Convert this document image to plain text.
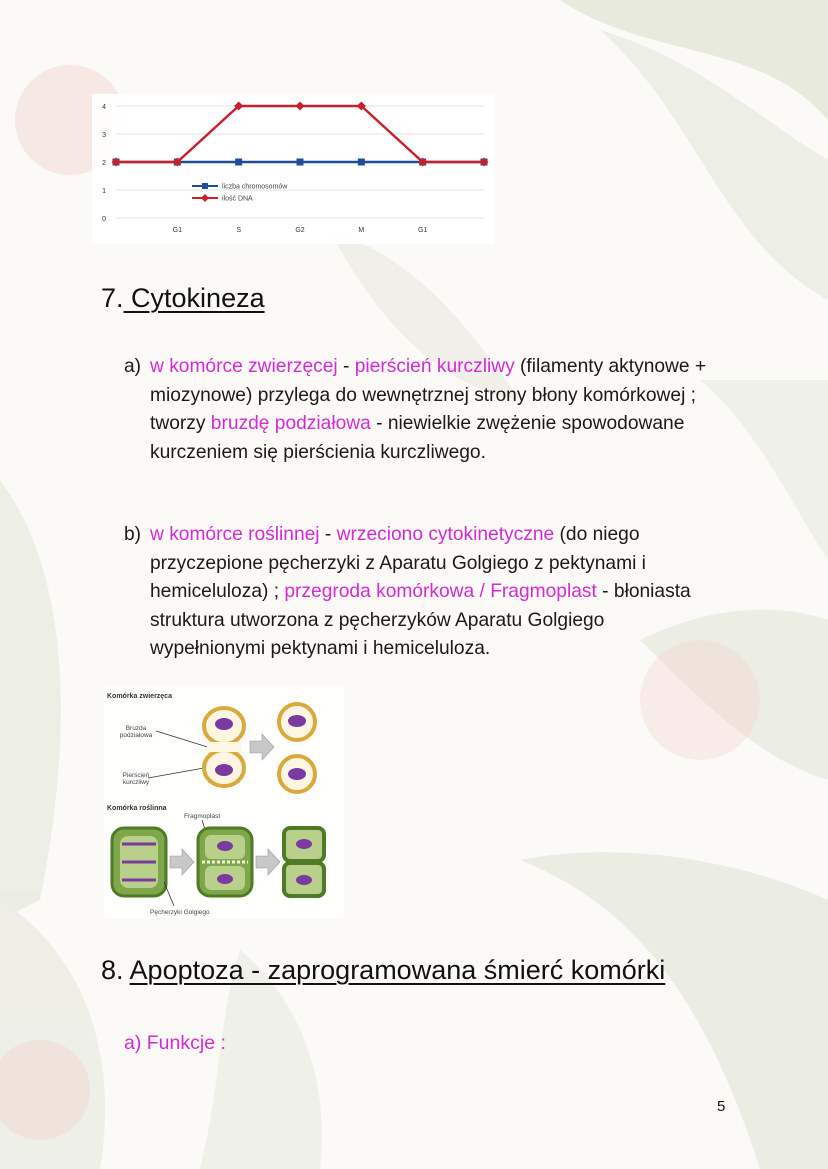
0
1
2
3
4
G1	S	G2	M	G1
liczba chromosomów
ilość DNA
7. Cytokineza
a) w komórce zwierzęcej - pierścień kurczliwy (filamenty aktynowe + miozynowe) przylega do wewnętrznej strony błony komórkowej ; tworzy bruzdę podziałowa - niewielkie zwężenie spowodowane kurczeniem się pierścienia kurczliwego.
b) w komórce roślinnej - wrzeciono cytokinetyczne (do niego przyczepione pęcherzyki z Aparatu Golgiego z pektynami i hemiceluloza) ; przegroda komórkowa / Fragmoplast - błoniasta struktura utworzona z pęcherzyków Aparatu Golgiego wypełnionymi pektynami i hemiceluloza.
Komórka zwierzęca
Bruzda
podziałowa
Pierścień
kurczliwy
Komórka roślinna
Fragmoplast
Pęcherzyki Golgiego
8. Apoptoza - zaprogramowana śmierć komórki
a) Funkcje :
5
